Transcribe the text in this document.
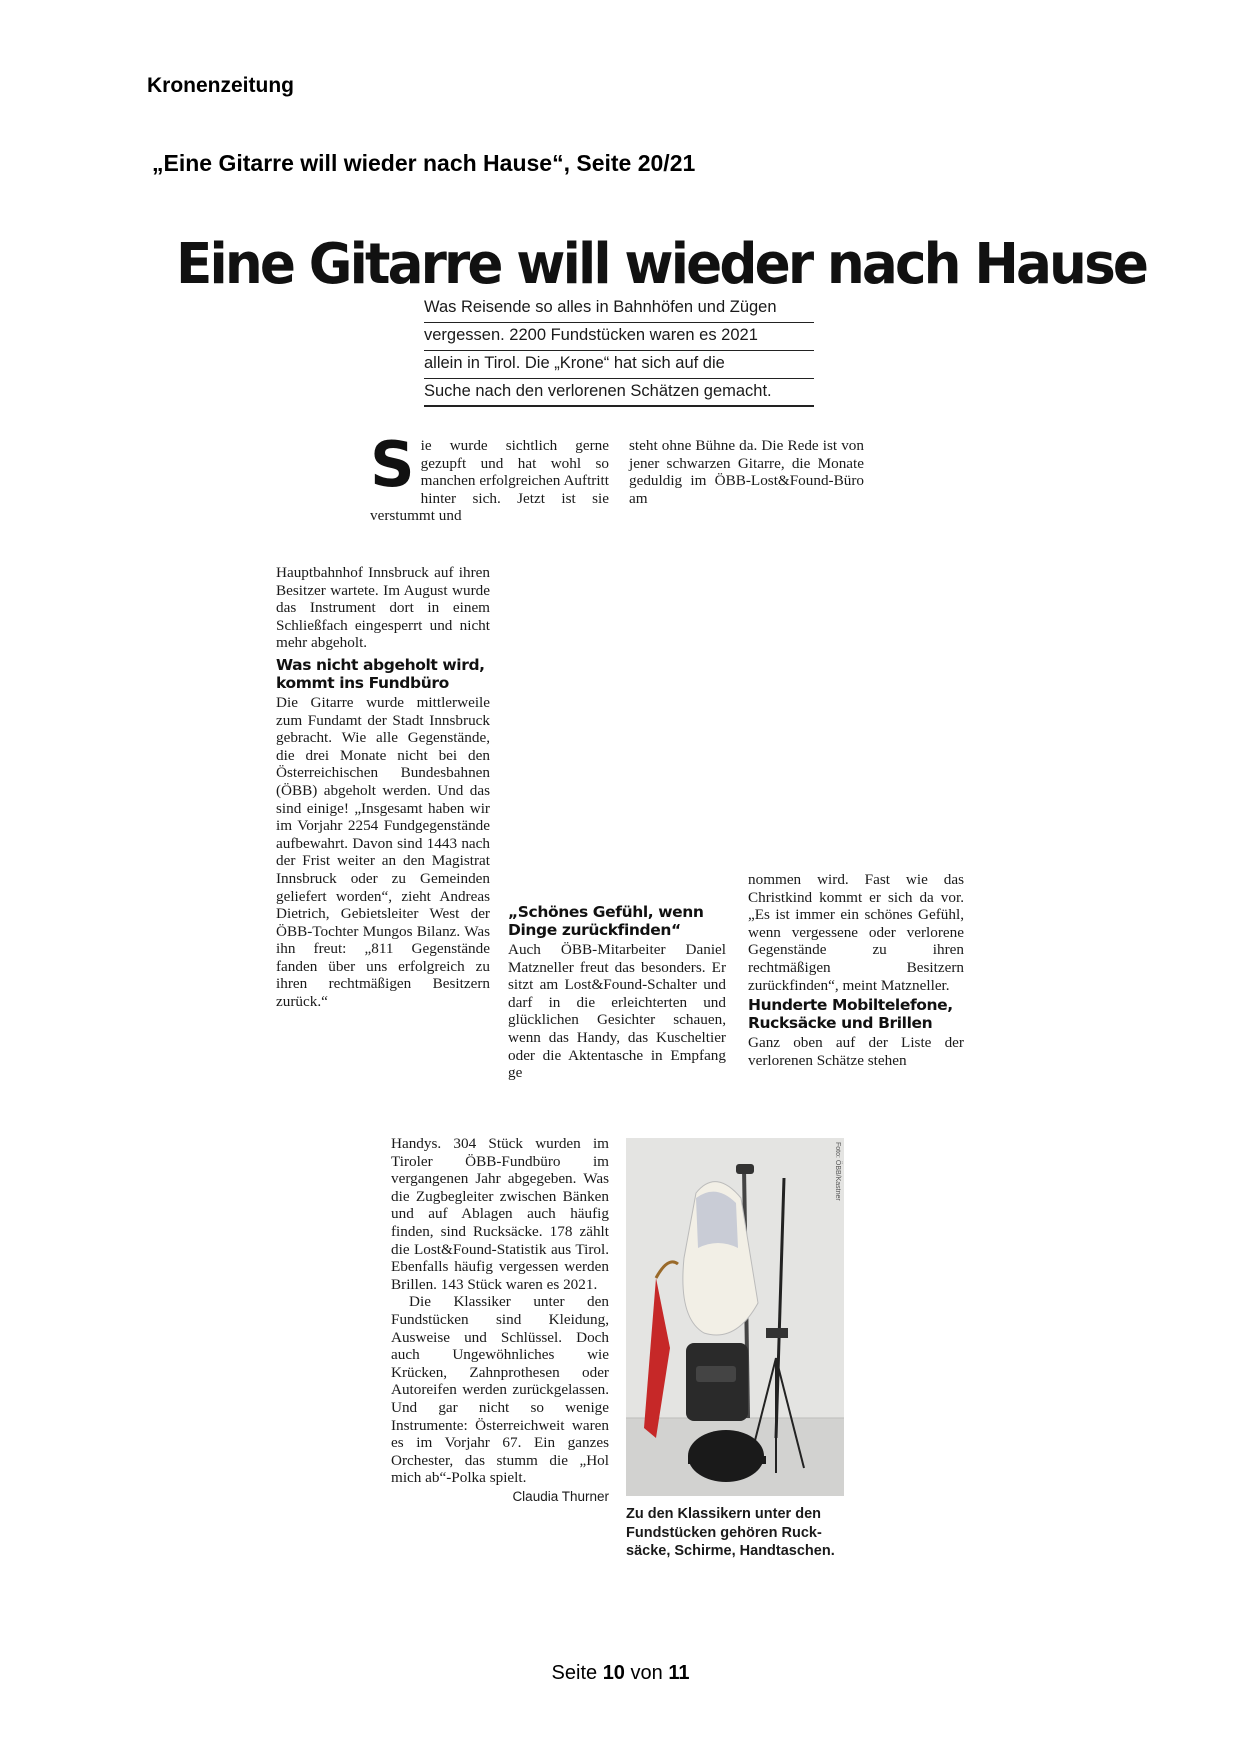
Kronenzeitung
„Eine Gitarre will wieder nach Hause“, Seite 20/21
Eine Gitarre will wieder nach Hause
Was Reisende so alles in Bahnhöfen und Zügen
vergessen. 2200 Fundstücken waren es 2021
allein in Tirol. Die „Krone“ hat sich auf die
Suche nach den verlorenen Schätzen gemacht.
S ie wurde sichtlich gerne gezupft und hat wohl so manchen erfolgreichen Auftritt hinter sich. Jetzt ist sie verstummt und

steht ohne Bühne da. Die Rede ist von jener schwarzen Gitarre, die Monate geduldig im ÖBB-Lost&Found-Büro am

Hauptbahnhof Innsbruck auf ihren Besitzer wartete. Im August wurde das Instrument dort in einem Schließfach eingesperrt und nicht mehr abgeholt.

Was nicht abgeholt wird, kommt ins Fundbüro

Die Gitarre wurde mittlerweile zum Fundamt der Stadt Innsbruck gebracht. Wie alle Gegenstände, die drei Monate nicht bei den Österreichischen Bundesbahnen (ÖBB) abgeholt werden. Und das sind einige! „Insgesamt haben wir im Vorjahr 2254 Fundgegenstände aufbewahrt. Davon sind 1443 nach der Frist weiter an den Magistrat Innsbruck oder zu Gemeinden geliefert worden“, zieht Andreas Dietrich, Gebietsleiter West der ÖBB-Tochter Mungos Bilanz. Was ihn freut: „811 Gegenstände fanden über uns erfolgreich zu ihren rechtmäßigen Besitzern zurück.“

„Schönes Gefühl, wenn Dinge zurückfinden“

Auch ÖBB-Mitarbeiter Daniel Matzneller freut das besonders. Er sitzt am Lost&Found-Schalter und darf in die erleichterten und glücklichen Gesichter schauen, wenn das Handy, das Kuscheltier oder die Aktentasche in Empfang ge

nommen wird. Fast wie das Christkind kommt er sich da vor. „Es ist immer ein schönes Gefühl, wenn vergessene oder verlorene Gegenstände zu ihren rechtmäßigen Besitzern zurückfinden“, meint Matzneller.

Hunderte Mobiltelefone, Rucksäcke und Brillen

Ganz oben auf der Liste der verlorenen Schätze stehen

Handys. 304 Stück wurden im Tiroler ÖBB-Fundbüro im vergangenen Jahr abgegeben. Was die Zugbegleiter zwischen Bänken und auf Ablagen auch häufig finden, sind Rucksäcke. 178 zählt die Lost&Found-Statistik aus Tirol. Ebenfalls häufig vergessen werden Brillen. 143 Stück waren es 2021.

Die Klassiker unter den Fundstücken sind Kleidung, Ausweise und Schlüssel. Doch auch Ungewöhnliches wie Krücken, Zahnprothesen oder Autoreifen werden zurückgelassen. Und gar nicht so wenige Instrumente: Österreichweit waren es im Vorjahr 67. Ein ganzes Orchester, das stumm die „Hol mich ab“-Polka spielt.

Claudia Thurner
Foto: ÖBB/Kastner
Zu den Klassikern unter den Fundstücken gehören Rucksäcke, Schirme, Handtaschen.
Seite 10 von 11
